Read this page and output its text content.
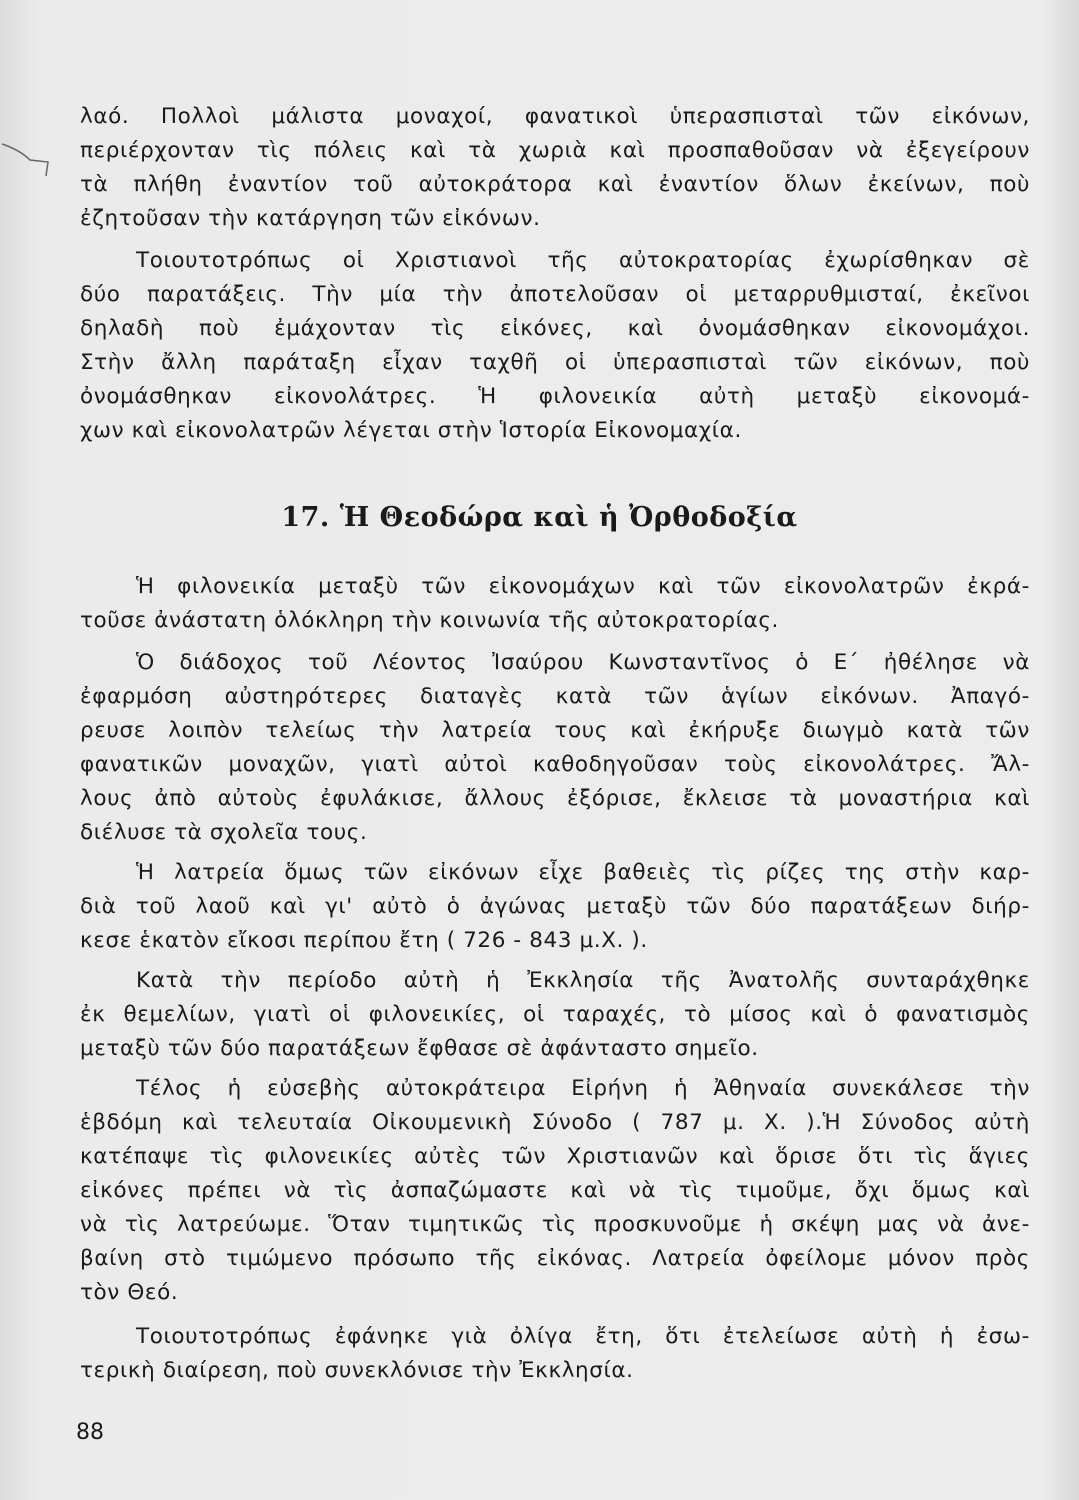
λαό. Πολλοὶ μάλιστα μοναχοί, φανατικοὶ ὑπερασπισταὶ τῶν εἰκόνων,
περιέρχονταν τὶς πόλεις καὶ τὰ χωριὰ καὶ προσπαθοῦσαν νὰ ἐξεγείρουν
τὰ πλήθη ἐναντίον τοῦ αὐτοκράτορα καὶ ἐναντίον ὅλων ἐκείνων, ποὺ
ἐζητοῦσαν τὴν κατάργηση τῶν εἰκόνων.
Τοιουτοτρόπως οἱ Χριστιανοὶ τῆς αὐτοκρατορίας ἐχωρίσθηκαν σὲ
δύο παρατάξεις. Τὴν μία τὴν ἀποτελοῦσαν οἱ μεταρρυθμισταί, ἐκεῖνοι
δηλαδὴ ποὺ ἐμάχονταν τὶς εἰκόνες, καὶ ὀνομάσθηκαν εἰκονομάχοι.
Στὴν ἄλλη παράταξη εἶχαν ταχθῆ οἱ ὑπερασπισταὶ τῶν εἰκόνων, ποὺ
ὀνομάσθηκαν εἰκονολάτρες. Ἡ φιλονεικία αὐτὴ μεταξὺ εἰκονομά-
χων καὶ εἰκονολατρῶν λέγεται στὴν Ἱστορία Εἰκονομαχία.
17. Ἡ Θεοδώρα καὶ ἡ Ὀρθοδοξία
Ἡ φιλονεικία μεταξὺ τῶν εἰκονομάχων καὶ τῶν εἰκονολατρῶν ἐκρά-
τοῦσε ἀνάστατη ὁλόκληρη τὴν κοινωνία τῆς αὐτοκρατορίας.
Ὁ διάδοχος τοῦ Λέοντος Ἰσαύρου Κωνσταντῖνος ὁ Ε΄ ἠθέλησε νὰ
ἐφαρμόση αὐστηρότερες διαταγὲς κατὰ τῶν ἁγίων εἰκόνων. Ἀπαγό-
ρευσε λοιπὸν τελείως τὴν λατρεία τους καὶ ἐκήρυξε διωγμὸ κατὰ τῶν
φανατικῶν μοναχῶν, γιατὶ αὐτοὶ καθοδηγοῦσαν τοὺς εἰκονολάτρες. Ἄλ-
λους ἀπὸ αὐτοὺς ἐφυλάκισε, ἄλλους ἐξόρισε, ἔκλεισε τὰ μοναστήρια καὶ
διέλυσε τὰ σχολεῖα τους.
Ἡ λατρεία ὅμως τῶν εἰκόνων εἶχε βαθειὲς τὶς ρίζες της στὴν καρ-
διὰ τοῦ λαοῦ καὶ γι' αὐτὸ ὁ ἀγώνας μεταξὺ τῶν δύο παρατάξεων διήρ-
κεσε ἑκατὸν εἴκοσι περίπου ἔτη ( 726 - 843 μ.Χ. ).
Κατὰ τὴν περίοδο αὐτὴ ἡ Ἐκκλησία τῆς Ἀνατολῆς συνταράχθηκε
ἐκ θεμελίων, γιατὶ οἱ φιλονεικίες, οἱ ταραχές, τὸ μίσος καὶ ὁ φανατισμὸς
μεταξὺ τῶν δύο παρατάξεων ἔφθασε σὲ ἀφάνταστο σημεῖο.
Τέλος ἡ εὐσεβὴς αὐτοκράτειρα Εἰρήνη ἡ Ἀθηναία συνεκάλεσε τὴν
ἑβδόμη καὶ τελευταία Οἰκουμενικὴ Σύνοδο ( 787 μ. Χ. ).Ἡ Σύνοδος αὐτὴ
κατέπαψε τὶς φιλονεικίες αὐτὲς τῶν Χριστιανῶν καὶ ὅρισε ὅτι τὶς ἅγιες
εἰκόνες πρέπει νὰ τὶς ἀσπαζώμαστε καὶ νὰ τὶς τιμοῦμε, ὄχι ὅμως καὶ
νὰ τὶς λατρεύωμε. Ὅταν τιμητικῶς τὶς προσκυνοῦμε ἡ σκέψη μας νὰ ἀνε-
βαίνη στὸ τιμώμενο πρόσωπο τῆς εἰκόνας. Λατρεία ὀφείλομε μόνον πρὸς
τὸν Θεό.
Τοιουτοτρόπως ἐφάνηκε γιὰ ὀλίγα ἔτη, ὅτι ἐτελείωσε αὐτὴ ἡ ἐσω-
τερικὴ διαίρεση, ποὺ συνεκλόνισε τὴν Ἐκκλησία.
88
